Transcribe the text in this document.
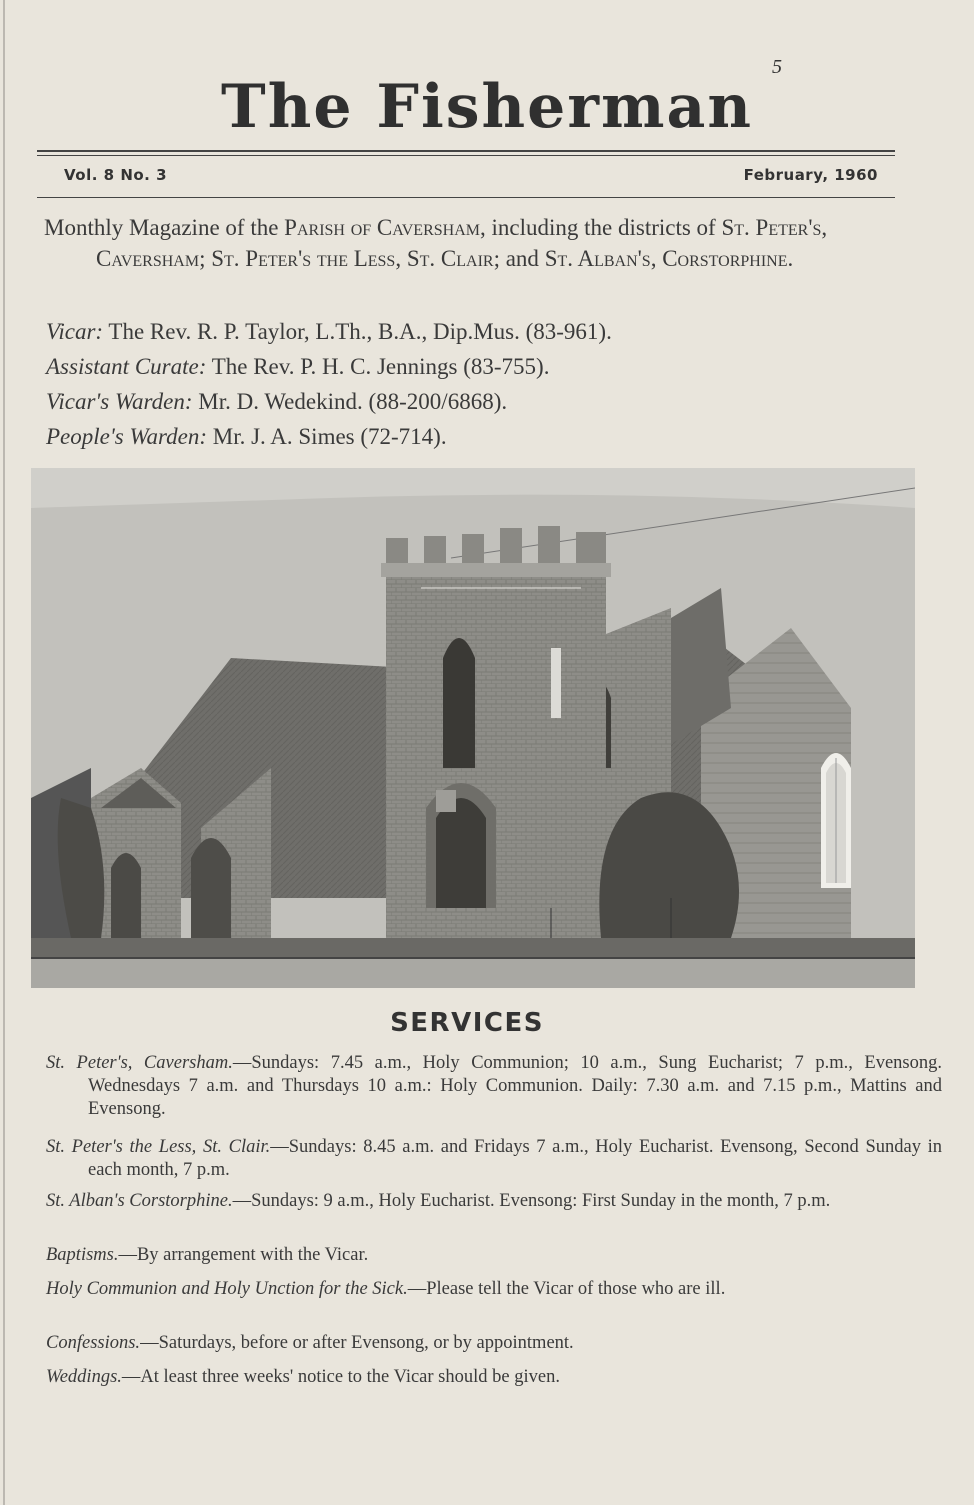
5
The Fisherman
Vol. 8 No. 3	February, 1960
Monthly Magazine of the Parish of Caversham, including the districts of St. Peter's, Caversham; St. Peter's the Less, St. Clair; and St. Alban's, Corstorphine.
Vicar: The Rev. R. P. Taylor, L.Th., B.A., Dip.Mus. (83-961).
Assistant Curate: The Rev. P. H. C. Jennings (83-755).
Vicar's Warden: Mr. D. Wedekind. (88-200/6868).
People's Warden: Mr. J. A. Simes (72-714).
SERVICES

St. Peter's, Caversham.—Sundays: 7.45 a.m., Holy Communion; 10 a.m., Sung Eucharist; 7 p.m., Evensong. Wednesdays 7 a.m. and Thursdays 10 a.m.: Holy Communion. Daily: 7.30 a.m. and 7.15 p.m., Mattins and Evensong.

St. Peter's the Less, St. Clair.—Sundays: 8.45 a.m. and Fridays 7 a.m., Holy Eucharist. Evensong, Second Sunday in each month, 7 p.m.

St. Alban's Corstorphine.—Sundays: 9 a.m., Holy Eucharist. Evensong: First Sunday in the month, 7 p.m.

Baptisms.—By arrangement with the Vicar.

Holy Communion and Holy Unction for the Sick.—Please tell the Vicar of those who are ill.

Confessions.—Saturdays, before or after Evensong, or by appointment.

Weddings.—At least three weeks' notice to the Vicar should be given.
